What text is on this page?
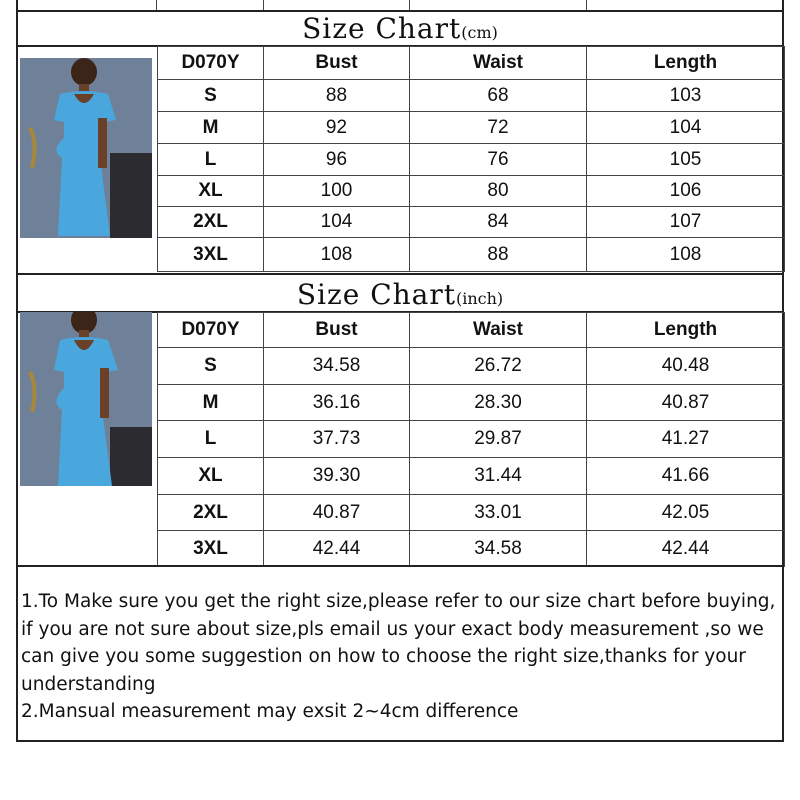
Size Chart(cm)
D070Y	Bust	Waist	Length
S	88	68	103
M	92	72	104
L	96	76	105
XL	100	80	106
2XL	104	84	107
3XL	108	88	108
Size Chart(inch)
D070Y	Bust	Waist	Length
S	34.58	26.72	40.48
M	36.16	28.30	40.87
L	37.73	29.87	41.27
XL	39.30	31.44	41.66
2XL	40.87	33.01	42.05
3XL	42.44	34.58	42.44

1.To Make sure you get the right size,please refer to our size chart before buying, if you are not sure about size,pls email us your exact body measurement ,so we can give you some suggestion on how to choose the right size,thanks for your understanding

2.Mansual measurement may exsit 2~4cm difference
